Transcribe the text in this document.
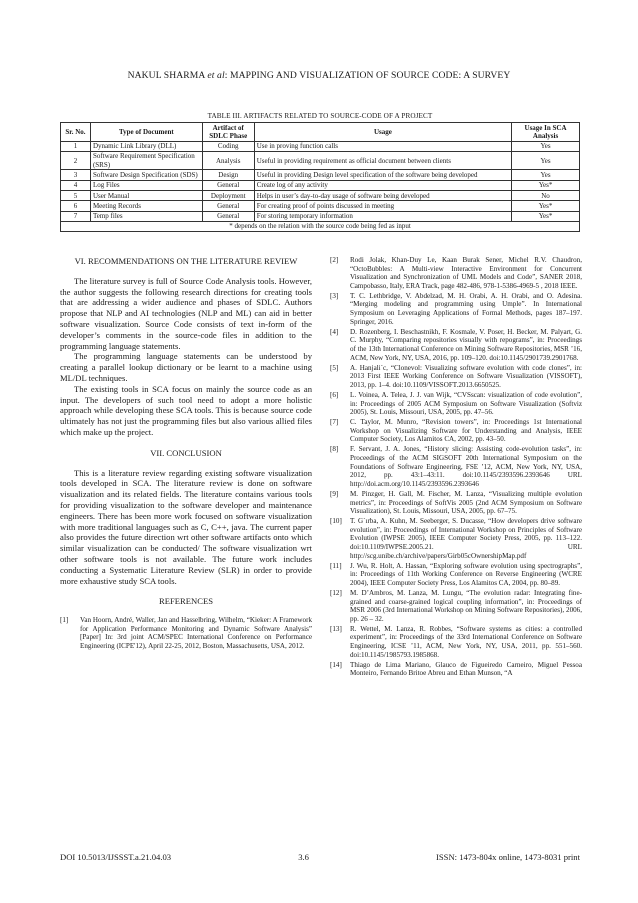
NAKUL SHARMA et al: MAPPING AND VISUALIZATION OF SOURCE CODE: A SURVEY
TABLE III. ARTIFACTS RELATED TO SOURCE-CODE OF A PROJECT
Sr. No.	Type of Document	Artifact of SDLC Phase	Usage	Usage In SCA Analysis
1	Dynamic Link Library (DLL)	Coding	Use in proving function calls	Yes
2	Software Requirement Specification (SRS)	Analysis	Useful in providing requirement as official document between clients	Yes
3	Software Design Specification (SDS)	Design	Useful in providing Design level specification of the software being developed	Yes
4	Log Files	General	Create log of any activity	Yes*
5	User Manual	Deployment	Helps in user’s day-to-day usage of software being developed	No
6	Meeting Records	General	For creating proof of points discussed in meeting	Yes*
7	Temp files	General	For storing temporary information	Yes*
* depends on the relation with the source code being fed as input				
VI. RECOMMENDATIONS ON THE LITERATURE REVIEW

The literature survey is full of Source Code Analysis tools. However, the author suggests the following research directions for creating tools that are addressing a wider audience and phases of SDLC. Authors propose that NLP and AI technologies (NLP and ML) can aid in better software visualization. Source Code consists of text in-form of the developer’s comments in the source-code files in addition to the programming language statements.

The programming language statements can be understood by creating a parallel lookup dictionary or be learnt to a machine using ML/DL techniques.

The existing tools in SCA focus on mainly the source code as an input. The developers of such tool need to adopt a more holistic approach while developing these SCA tools. This is because source code ultimately has not just the programming files but also various allied files which make up the project.

VII. CONCLUSION

This is a literature review regarding existing software visualization tools developed in SCA. The literature review is done on software visualization and its related fields. The literature contains various tools for providing visualization to the software developer and maintenance engineers. There has been more work focused on software visualization with more traditional languages such as C, C++, java. The current paper also provides the future direction wrt other software artifacts onto which similar visualization can be conducted/ The software visualization wrt other software tools is not available. The future work includes conducting a Systematic Literature Review (SLR) in order to provide more exhaustive study SCA tools.

REFERENCES
[1]	Van Hoorn, André, Waller, Jan and Hasselbring, Wilhelm, “Kieker: A Framework for Application Performance Monitoring and Dynamic Software Analysis” [Paper] In: 3rd joint ACM/SPEC International Conference on Performance Engineering (ICPE'12), April 22-25, 2012, Boston, Massachusetts, USA, 2012.
[2]	Rodi Jolak, Khan-Duy Le, Kaan Burak Sener, Michel R.V. Chaudron, “OctoBubbles: A Multi-view Interactive Environment for Concurrent Visualization and Synchronization of UML Models and Code”, SANER 2018, Campobasso, Italy, ERA Track, page 482-486, 978-1-5386-4969-5 , 2018 IEEE.
[3]	T. C. Lethbridge, V. Abdelzad, M. H. Orabi, A. H. Orabi, and O. Adesina. “Merging modeling and programming using Umple”. In International Symposium on Leveraging Applications of Formal Methods, pages 187–197. Springer, 2016.
[4]	D. Rozenberg, I. Beschastnikh, F. Kosmale, V. Poser, H. Becker, M. Palyart, G. C. Murphy, “Comparing repositories visually with repograms”, in: Proceedings of the 13th International Conference on Mining Software Repositories, MSR ’16, ACM, New York, NY, USA, 2016, pp. 109–120. doi:10.1145/2901739.2901768.
[5]	A. Hanjali´c, “Clonevol: Visualizing software evolution with code clones”, in: 2013 First IEEE Working Conference on Software Visualization (VISSOFT), 2013, pp. 1–4. doi:10.1109/VISSOFT.2013.6650525.
[6]	L. Voinea, A. Telea, J. J. van Wijk, “CVSscan: visualization of code evolution”, in: Proceedings of 2005 ACM Symposium on Software Visualization (Softviz 2005), St. Louis, Missouri, USA, 2005, pp. 47–56.
[7]	C. Taylor, M. Munro, “Revision towers”, in: Proceedings 1st International Workshop on Visualizing Software for Understanding and Analysis, IEEE Computer Society, Los Alamitos CA, 2002, pp. 43–50.
[8]	F. Servant, J. A. Jones, “History slicing: Assisting code-evolution tasks”, in: Proceedings of the ACM SIGSOFT 20th International Symposium on the Foundations of Software Engineering, FSE ’12, ACM, New York, NY, USA, 2012, pp. 43:1–43:11. doi:10.1145/2393596.2393646 URL http://doi.acm.org/10.1145/2393596.2393646
[9]	M. Pinzger, H. Gall, M. Fischer, M. Lanza, “Visualizing multiple evolution metrics”, in: Proceedings of SoftVis 2005 (2nd ACM Symposium on Software Visualization), St. Louis, Missouri, USA, 2005, pp. 67–75.
[10]	T. G´ırba, A. Kuhn, M. Seeberger, S. Ducasse, “How developers drive software evolution”, in: Proceedings of International Workshop on Principles of Software Evolution (IWPSE 2005), IEEE Computer Society Press, 2005, pp. 113–122. doi:10.1109/IWPSE.2005.21. URL http://scg.unibe.ch/archive/papers/Girb05cOwnershipMap.pdf
[11]	J. Wu, R. Holt, A. Hassan, “Exploring software evolution using spectrographs”, in: Proceedings of 11th Working Conference on Reverse Engineering (WCRE 2004), IEEE Computer Society Press, Los Alamitos CA, 2004, pp. 80–89.
[12]	M. D’Ambros, M. Lanza, M. Lungu, “The evolution radar: Integrating fine-grained and coarse-grained logical coupling information”, in: Proceedings of MSR 2006 (3rd International Workshop on Mining Software Repositories), 2006, pp. 26 – 32.
[13]	R. Wettel, M. Lanza, R. Robbes, “Software systems as cities: a controlled experiment”, in: Proceedings of the 33rd International Conference on Software Engineering, ICSE ’11, ACM, New York, NY, USA, 2011, pp. 551–560. doi:10.1145/1985793.1985868.
[14]	Thiago de Lima Mariano, Glauco de Figueiredo Carneiro, Miguel Pessoa Monteiro, Fernando Britoe Abreu and Ethan Munson, “A
DOI 10.5013/IJSSST.a.21.04.03	3.6	ISSN: 1473-804x online, 1473-8031 print
